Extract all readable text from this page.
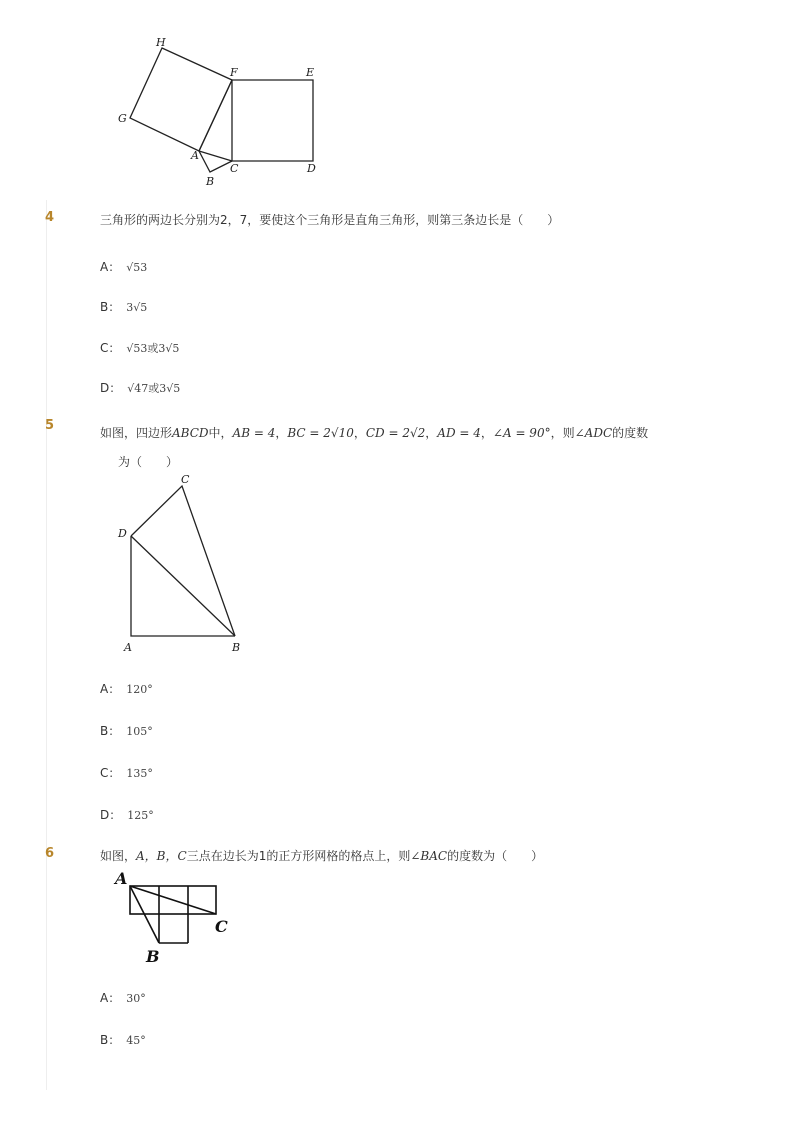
H
F	E
G
A
C	D
B
4	三角形的两边长分别为2，7，要使这个三角形是直角三角形，则第三条边长是（　　）
A： √53
B： 3√5
C： √53或3√5
D： √47或3√5
5	如图，四边形ABCD中，AB = 4，BC = 2√10，CD = 2√2，AD = 4，∠A = 90°，则∠ADC的度数
为（　　）
C
D
A	B
A： 120°
B： 105°
C： 135°
D： 125°
6	如图，A，B，C三点在边长为1的正方形网格的格点上，则∠BAC的度数为（　　）
A
B
C
A： 30°
B： 45°
